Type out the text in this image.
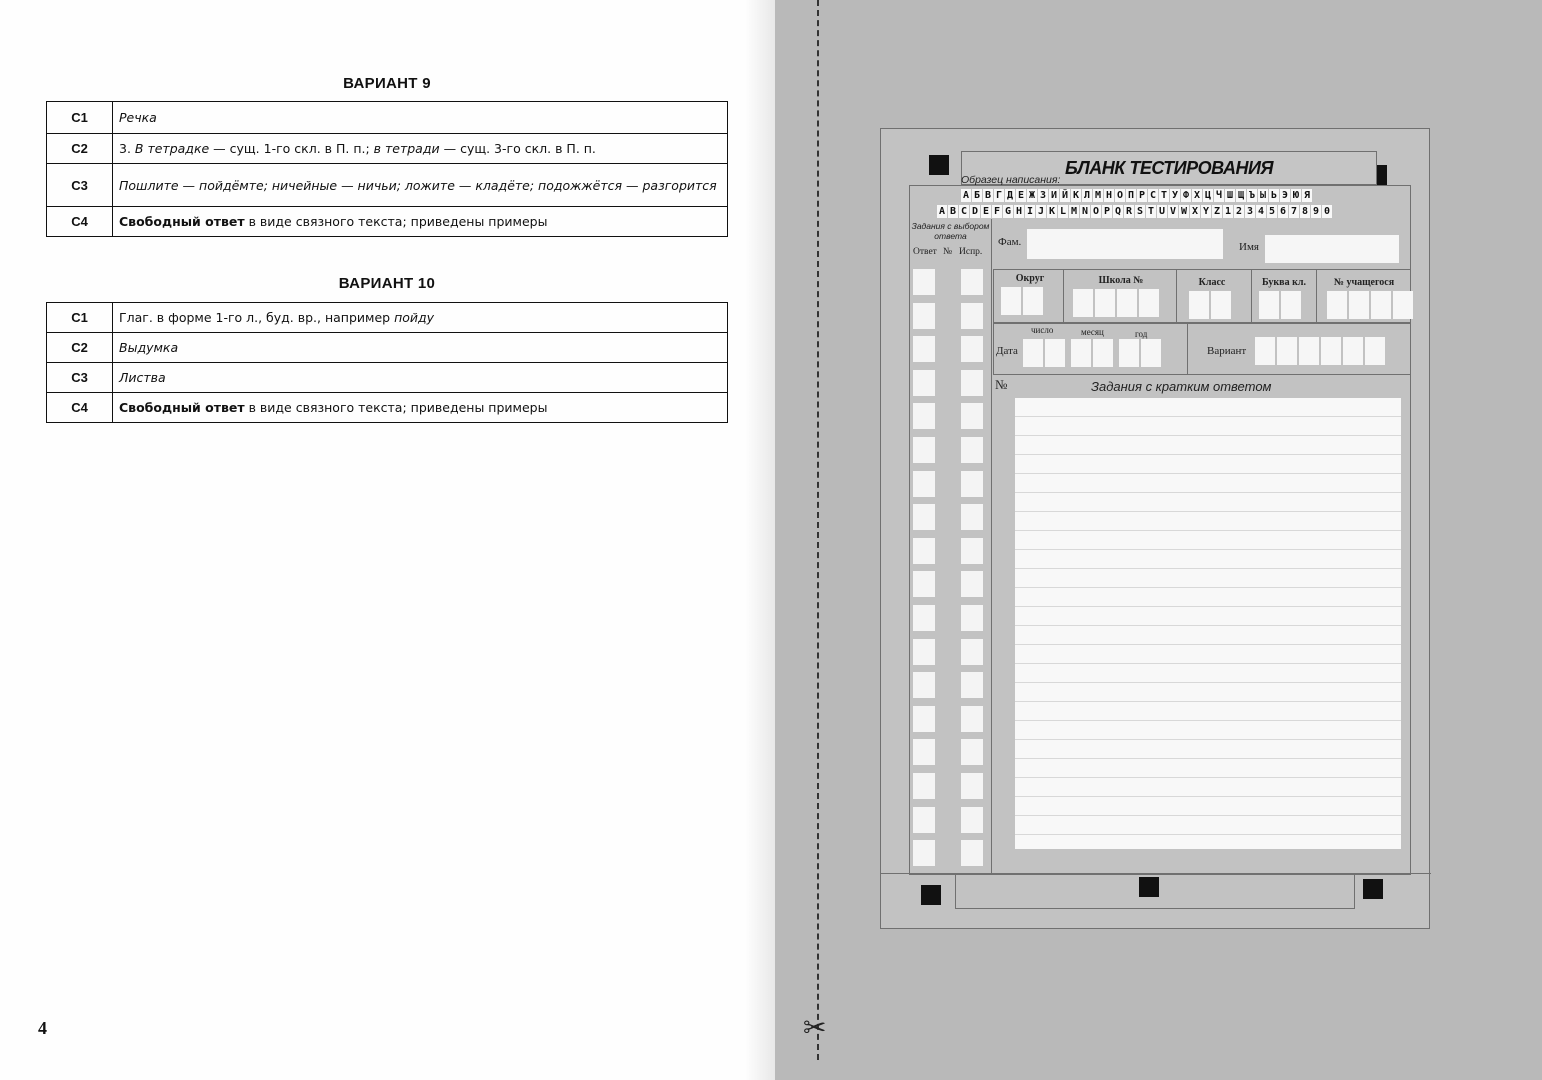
ВАРИАНТ 9
С1	Речка
С2	3. В тетрадке — сущ. 1-го скл. в П. п.; в тетради — сущ. 3-го скл. в П. п.
С3	Пошлите — пойдёмте; ничейные — ничьи; ложите — кладёте; подожжётся — разгорится
С4	Свободный ответ в виде связного текста; приведены примеры
ВАРИАНТ 10
С1	Глаг. в форме 1-го л., буд. вр., например пойду
С2	Выдумка
С3	Листва
С4	Свободный ответ в виде связного текста; приведены примеры
4	✂
БЛАНК ТЕСТИРОВАНИЯ
Образец написания:
А Б В Г Д Е Ж З И Й К Л М Н О П Р С Т У Ф Х Ц Ч Ш Щ Ъ Ы Ь Э Ю Я
A B C D E F G H I J K L M N O P Q R S T U V W X Y Z 1 2 3 4 5 6 7 8 9 0
Задания с выбором ответа
Ответ № Испр.
Фам.	Имя
Округ	Школа №	Класс	Буква кл.	№ учащегося
число	месяц	год
Дата	Вариант
№	Задания с кратким ответом
